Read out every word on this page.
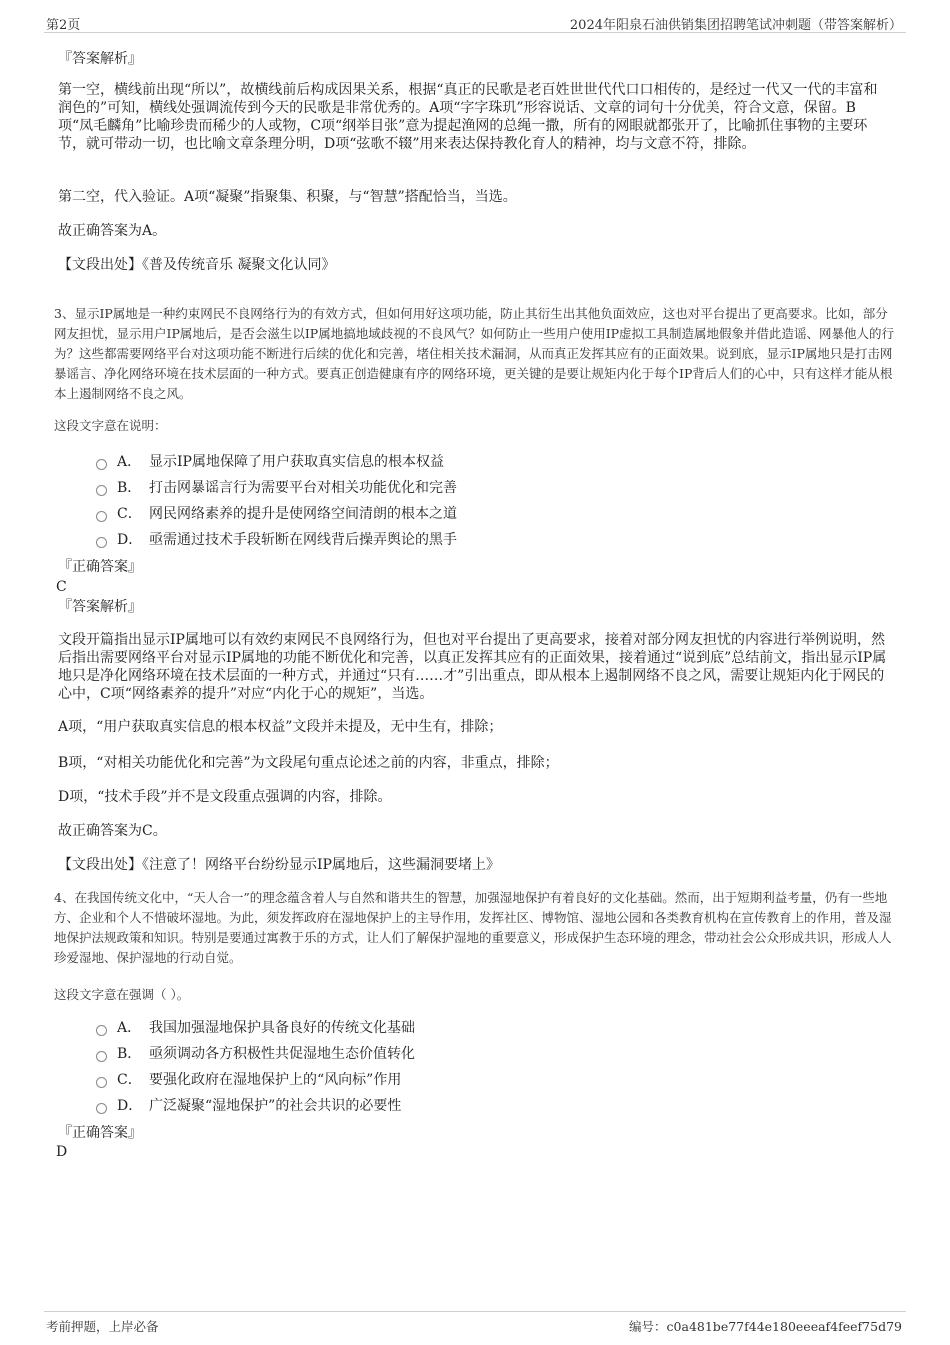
第2页	2024年阳泉石油供销集团招聘笔试冲刺题（带答案解析）
『答案解析』
第一空，横线前出现“所以”，故横线前后构成因果关系，根据“真正的民歌是老百姓世世代代口口相传的，是经过一代又一代的丰富和润色的”可知，横线处强调流传到今天的民歌是非常优秀的。A项“字字珠玑”形容说话、文章的词句十分优美，符合文意，保留。B项“凤毛麟角”比喻珍贵而稀少的人或物，C项“纲举目张”意为提起渔网的总绳一撒，所有的网眼就都张开了，比喻抓住事物的主要环节，就可带动一切，也比喻文章条理分明，D项“弦歌不辍”用来表达保持教化育人的精神，均与文意不符，排除。
第二空，代入验证。A项“凝聚”指聚集、积聚，与“智慧”搭配恰当，当选。
故正确答案为A。
【文段出处】《普及传统音乐 凝聚文化认同》
3、显示IP属地是一种约束网民不良网络行为的有效方式，但如何用好这项功能，防止其衍生出其他负面效应，这也对平台提出了更高要求。比如，部分网友担忧，显示用户IP属地后，是否会滋生以IP属地搞地域歧视的不良风气？如何防止一些用户使用IP虚拟工具制造属地假象并借此造谣、网暴他人的行为？这些都需要网络平台对这项功能不断进行后续的优化和完善，堵住相关技术漏洞，从而真正发挥其应有的正面效果。说到底，显示IP属地只是打击网暴谣言、净化网络环境在技术层面的一种方式。要真正创造健康有序的网络环境，更关键的是要让规矩内化于每个IP背后人们的心中，只有这样才能从根本上遏制网络不良之风。
这段文字意在说明：
A． 显示IP属地保障了用户获取真实信息的根本权益
B． 打击网暴谣言行为需要平台对相关功能优化和完善
C． 网民网络素养的提升是使网络空间清朗的根本之道
D． 亟需通过技术手段斩断在网线背后操弄舆论的黑手
『正确答案』
C
『答案解析』
文段开篇指出显示IP属地可以有效约束网民不良网络行为，但也对平台提出了更高要求，接着对部分网友担忧的内容进行举例说明，然后指出需要网络平台对显示IP属地的功能不断优化和完善，以真正发挥其应有的正面效果，接着通过“说到底”总结前文，指出显示IP属地只是净化网络环境在技术层面的一种方式，并通过“只有……才”引出重点，即从根本上遏制网络不良之风，需要让规矩内化于网民的心中，C项“网络素养的提升”对应“内化于心的规矩”，当选。
A项，“用户获取真实信息的根本权益”文段并未提及，无中生有，排除；
B项，“对相关功能优化和完善”为文段尾句重点论述之前的内容，非重点，排除；
D项，“技术手段”并不是文段重点强调的内容，排除。
故正确答案为C。
【文段出处】《注意了！网络平台纷纷显示IP属地后，这些漏洞要堵上》
4、在我国传统文化中，“天人合一”的理念蕴含着人与自然和谐共生的智慧，加强湿地保护有着良好的文化基础。然而，出于短期利益考量，仍有一些地方、企业和个人不惜破坏湿地。为此，须发挥政府在湿地保护上的主导作用，发挥社区、博物馆、湿地公园和各类教育机构在宣传教育上的作用，普及湿地保护法规政策和知识。特别是要通过寓教于乐的方式，让人们了解保护湿地的重要意义，形成保护生态环境的理念，带动社会公众形成共识，形成人人珍爱湿地、保护湿地的行动自觉。
这段文字意在强调（ ）。
A． 我国加强湿地保护具备良好的传统文化基础
B． 亟须调动各方积极性共促湿地生态价值转化
C． 要强化政府在湿地保护上的“风向标”作用
D． 广泛凝聚“湿地保护”的社会共识的必要性
『正确答案』
D
考前押题，上岸必备	编号：c0a481be77f44e180eeeaf4feef75d79
